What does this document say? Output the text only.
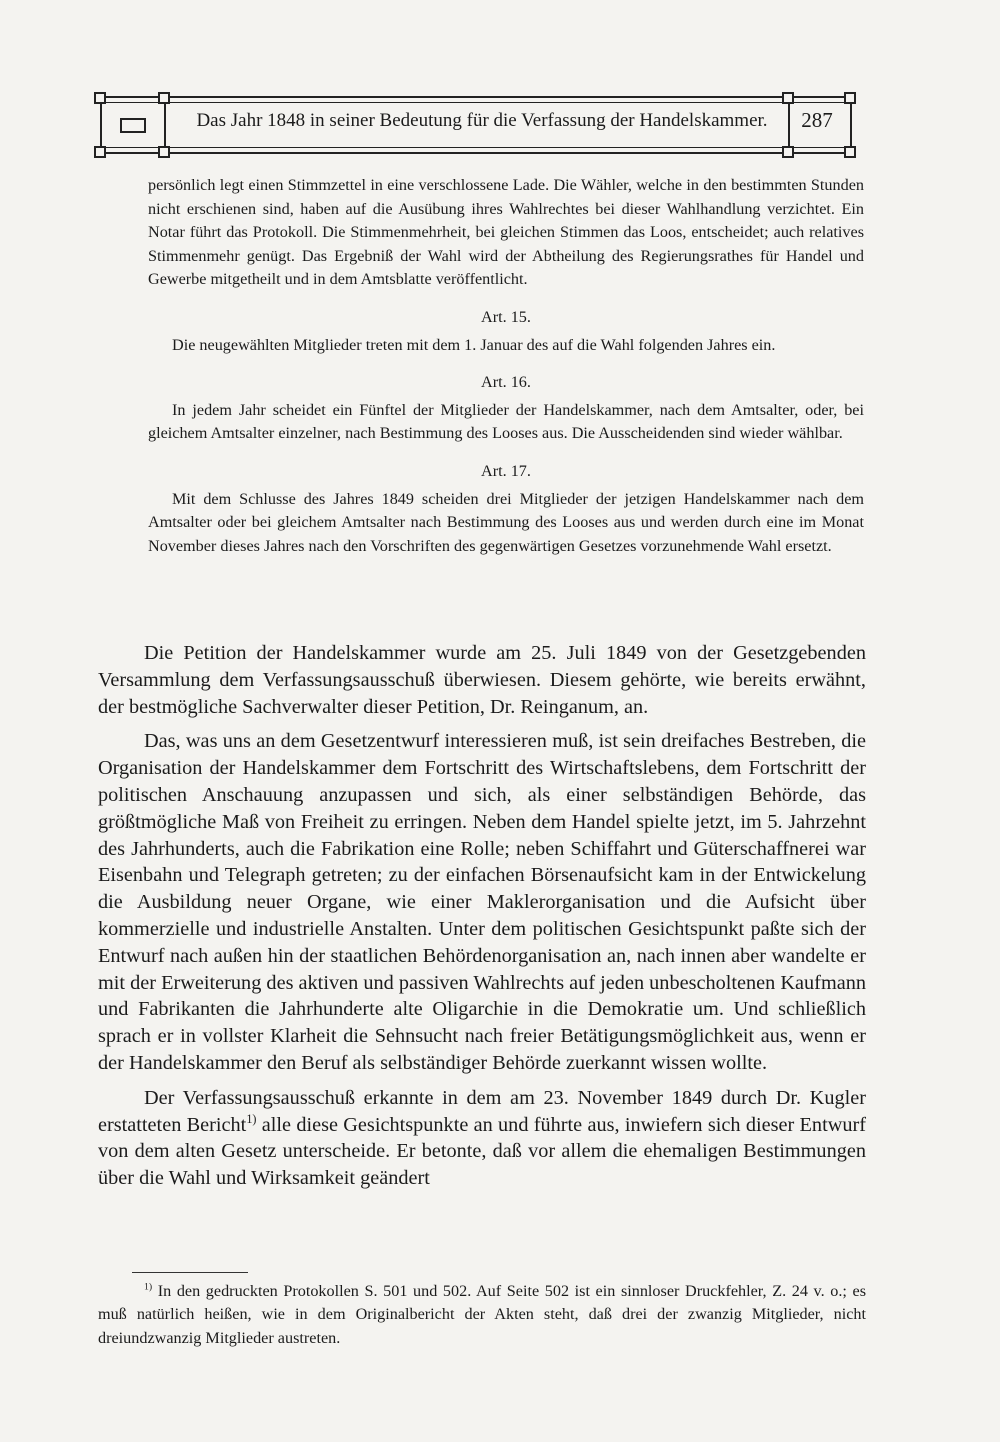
Das Jahr 1848 in seiner Bedeutung für die Verfassung der Handelskammer.	287

persönlich legt einen Stimmzettel in eine verschlossene Lade. Die Wähler, welche in den bestimmten Stunden nicht erschienen sind, haben auf die Ausübung ihres Wahlrechtes bei dieser Wahlhandlung verzichtet. Ein Notar führt das Protokoll. Die Stimmenmehrheit, bei gleichen Stimmen das Loos, entscheidet; auch relatives Stimmenmehr genügt. Das Ergebniß der Wahl wird der Abtheilung des Regierungsrathes für Handel und Gewerbe mitgetheilt und in dem Amtsblatte veröffentlicht.

Art. 15.

Die neugewählten Mitglieder treten mit dem 1. Januar des auf die Wahl folgenden Jahres ein.

Art. 16.

In jedem Jahr scheidet ein Fünftel der Mitglieder der Handelskammer, nach dem Amtsalter, oder, bei gleichem Amtsalter einzelner, nach Bestimmung des Looses aus. Die Ausscheidenden sind wieder wählbar.

Art. 17.

Mit dem Schlusse des Jahres 1849 scheiden drei Mitglieder der jetzigen Handelskammer nach dem Amtsalter oder bei gleichem Amtsalter nach Bestimmung des Looses aus und werden durch eine im Monat November dieses Jahres nach den Vorschriften des gegenwärtigen Gesetzes vorzunehmende Wahl ersetzt.

Die Petition der Handelskammer wurde am 25. Juli 1849 von der Gesetzgebenden Versammlung dem Verfassungsausschuß überwiesen. Diesem gehörte, wie bereits erwähnt, der bestmögliche Sachverwalter dieser Petition, Dr. Reinganum, an.

Das, was uns an dem Gesetzentwurf interessieren muß, ist sein dreifaches Bestreben, die Organisation der Handelskammer dem Fortschritt des Wirtschaftslebens, dem Fortschritt der politischen Anschauung anzupassen und sich, als einer selbständigen Behörde, das größtmögliche Maß von Freiheit zu erringen. Neben dem Handel spielte jetzt, im 5. Jahrzehnt des Jahrhunderts, auch die Fabrikation eine Rolle; neben Schiffahrt und Güterschaffnerei war Eisenbahn und Telegraph getreten; zu der einfachen Börsenaufsicht kam in der Entwickelung die Ausbildung neuer Organe, wie einer Maklerorganisation und die Aufsicht über kommerzielle und industrielle Anstalten. Unter dem politischen Gesichtspunkt paßte sich der Entwurf nach außen hin der staatlichen Behördenorganisation an, nach innen aber wandelte er mit der Erweiterung des aktiven und passiven Wahlrechts auf jeden unbescholtenen Kaufmann und Fabrikanten die Jahrhunderte alte Oligarchie in die Demokratie um. Und schließlich sprach er in vollster Klarheit die Sehnsucht nach freier Betätigungsmöglichkeit aus, wenn er der Handelskammer den Beruf als selbständiger Behörde zuerkannt wissen wollte.

Der Verfassungsausschuß erkannte in dem am 23. November 1849 durch Dr. Kugler erstatteten Bericht$^{1)}$ alle diese Gesichtspunkte an und führte aus, inwiefern sich dieser Entwurf von dem alten Gesetz unterscheide. Er betonte, daß vor allem die ehemaligen Bestimmungen über die Wahl und Wirksamkeit geändert

$^{1)}$ In den gedruckten Protokollen S. 501 und 502. Auf Seite 502 ist ein sinnloser Druckfehler, Z. 24 v. o.; es muß natürlich heißen, wie in dem Originalbericht der Akten steht, daß drei der zwanzig Mitglieder, nicht dreiundzwanzig Mitglieder austreten.
